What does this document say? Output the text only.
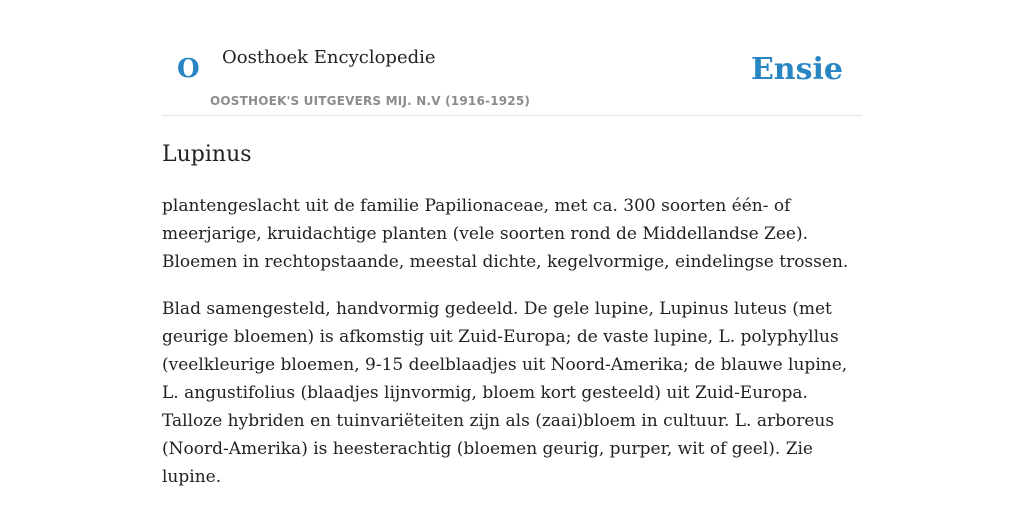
O Oosthoek Encyclopedie
OOSTHOEK'S UITGEVERS MIJ. N.V (1916-1925)
Ensie
Lupinus

plantengeslacht uit de familie Papilionaceae, met ca. 300 soorten één- of meerjarige, kruidachtige planten (vele soorten rond de Middellandse Zee). Bloemen in rechtopstaande, meestal dichte, kegelvormige, eindelingse trossen.

Blad samengesteld, handvormig gedeeld. De gele lupine, Lupinus luteus (met geurige bloemen) is afkomstig uit Zuid-Europa; de vaste lupine, L. polyphyllus (veelkleurige bloemen, 9-15 deelblaadjes uit Noord-Amerika; de blauwe lupine, L. angustifolius (blaadjes lijnvormig, bloem kort gesteeld) uit Zuid-Europa. Talloze hybriden en tuinvariëteiten zijn als (zaai)bloem in cultuur. L. arboreus (Noord-Amerika) is heesterachtig (bloemen geurig, purper, wit of geel). Zie lupine.
